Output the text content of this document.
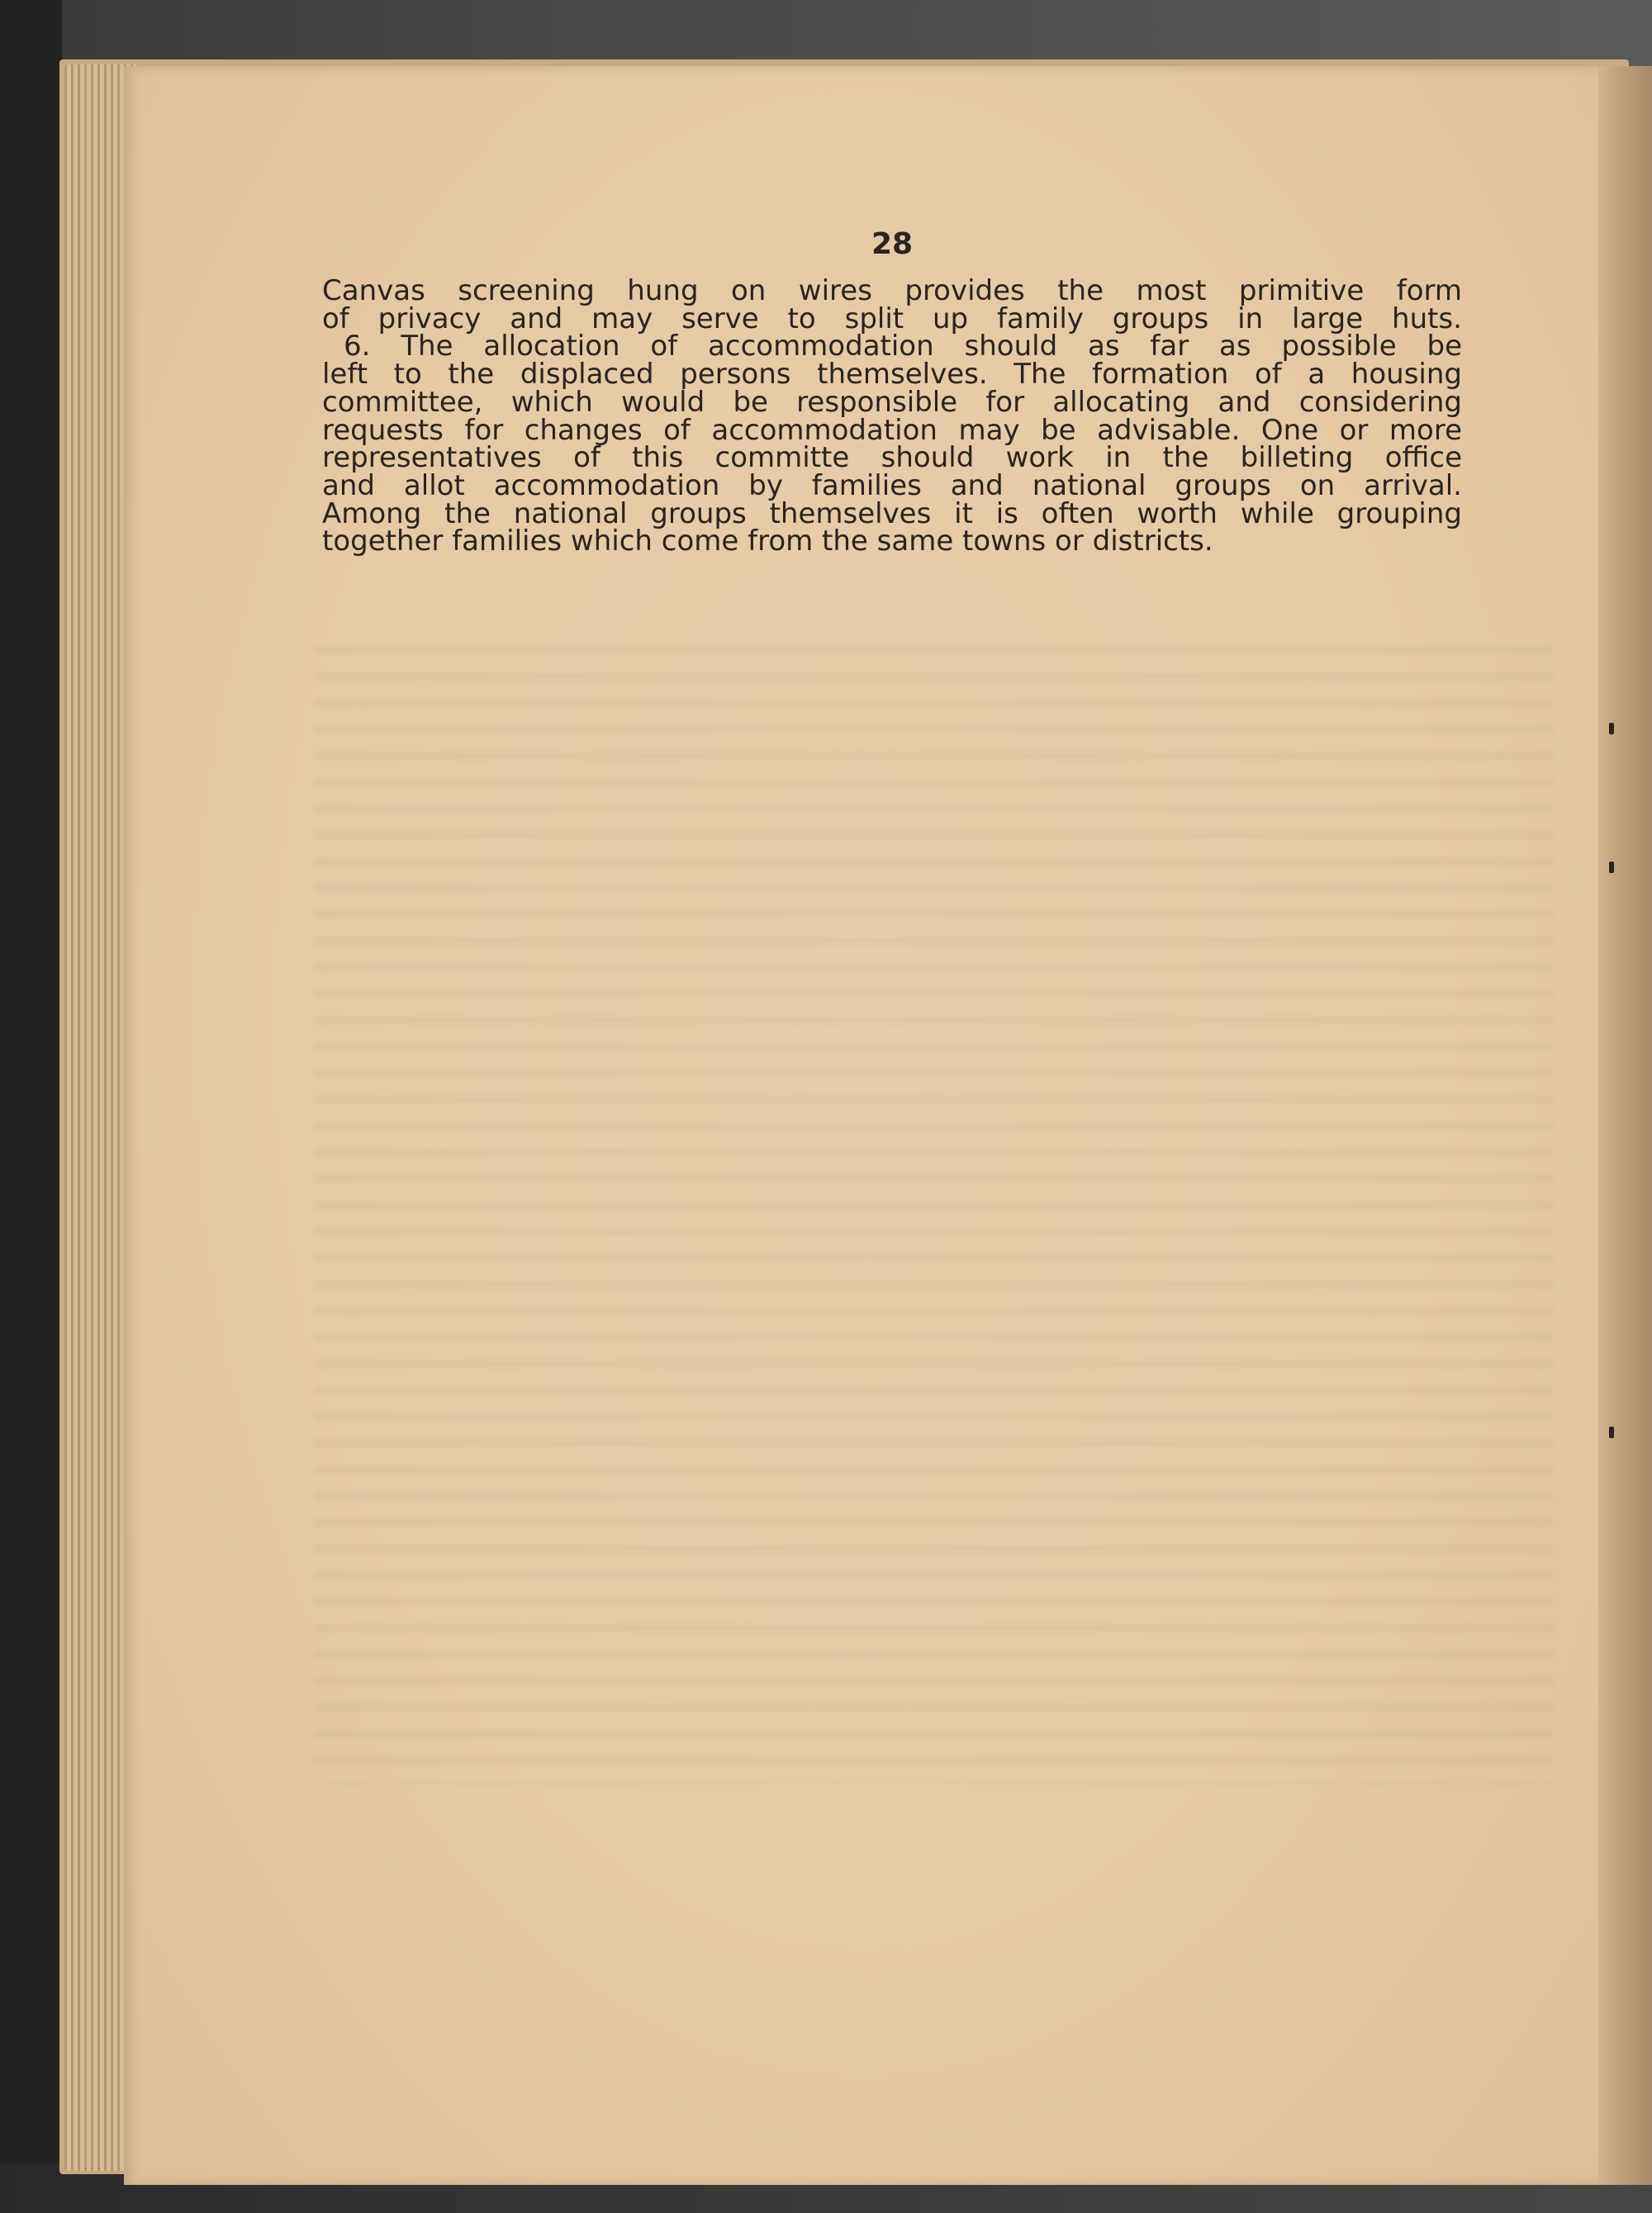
28
Canvas screening hung on wires provides the most primitive form
of privacy and may serve to split up family groups in large huts.
6. The allocation of accommodation should as far as possible be
left to the displaced persons themselves. The formation of a housing
committee, which would be responsible for allocating and considering
requests for changes of accommodation may be advisable. One or more
representatives of this committe should work in the billeting office
and allot accommodation by families and national groups on arrival.
Among the national groups themselves it is often worth while grouping
together families which come from the same towns or districts.
